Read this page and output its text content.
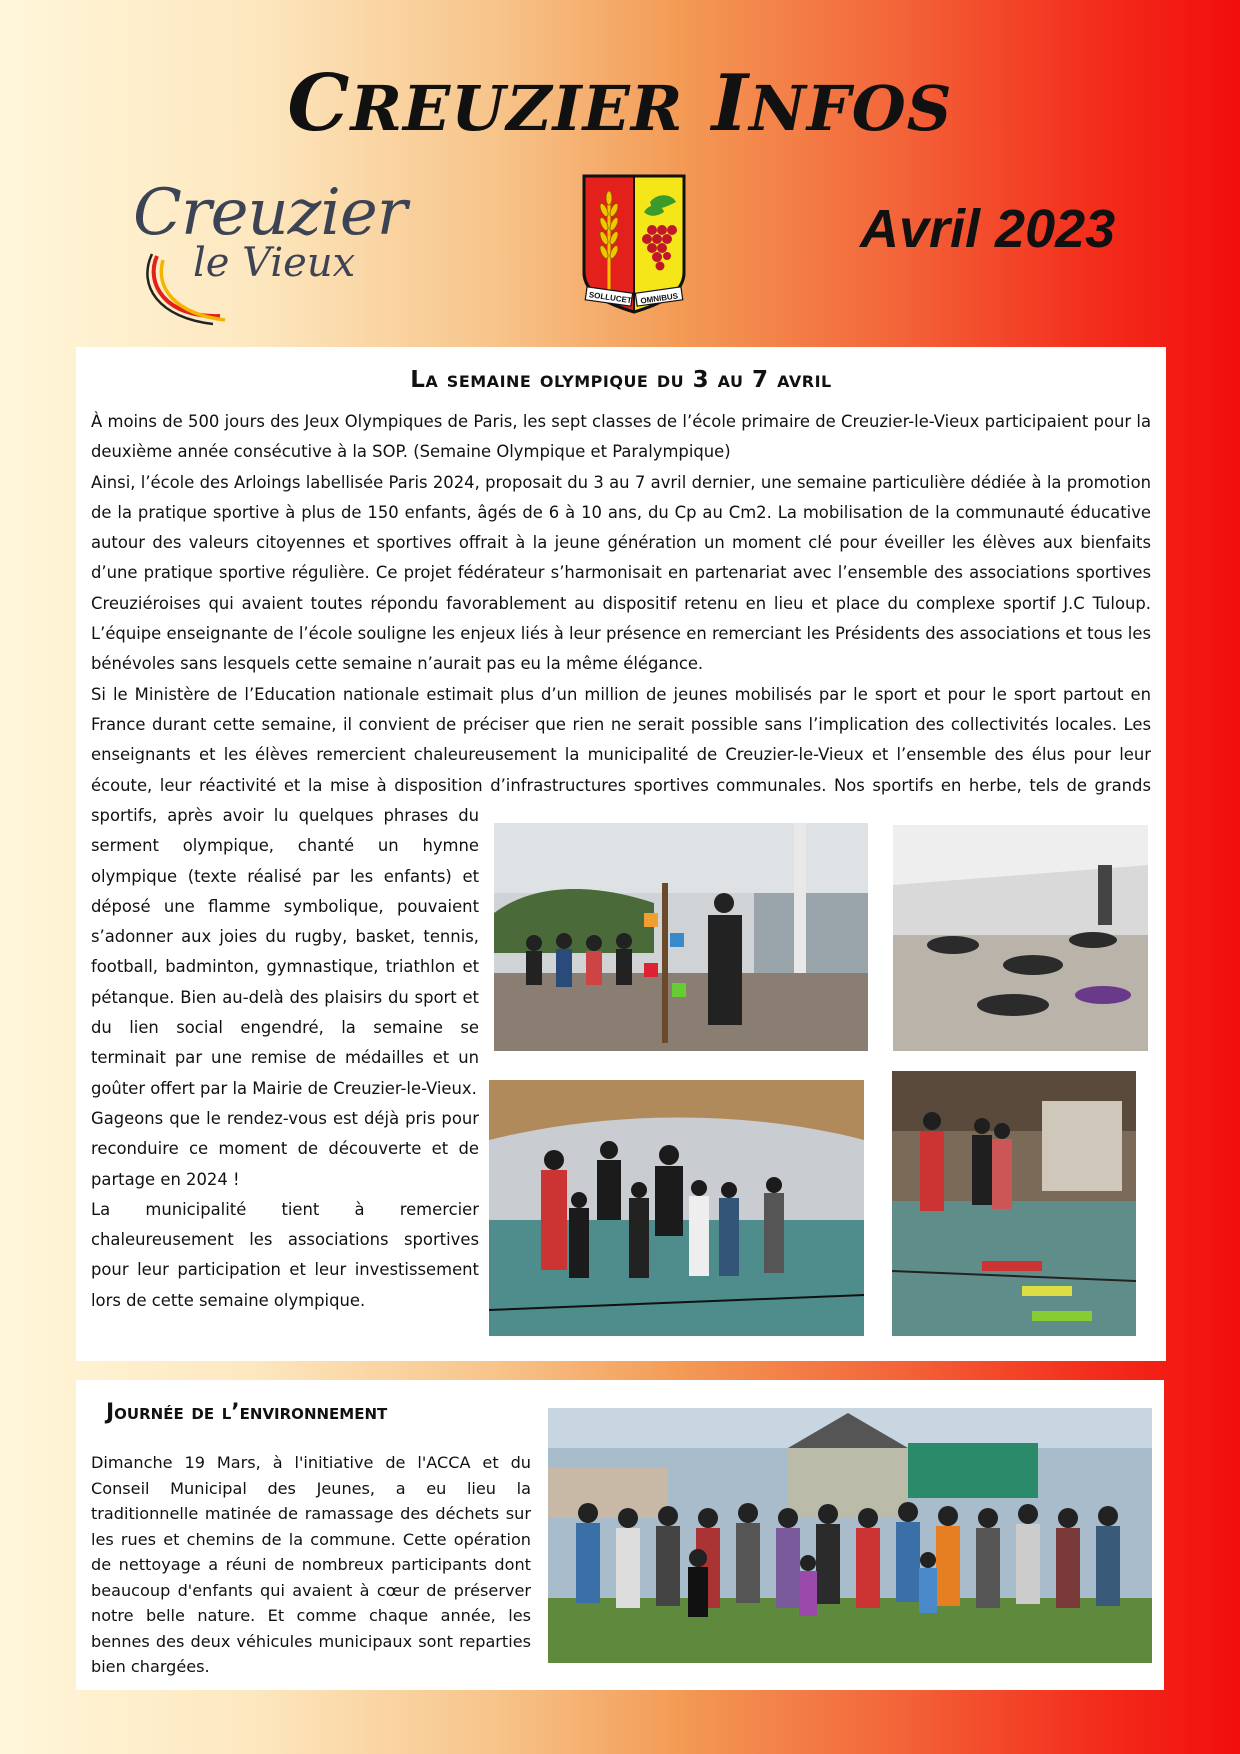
CREUZIER INFOS
Creuzier
le Vieux
SOLLUCET OMNIBUS
Avril 2023
La semaine olympique du 3 au 7 avril

À moins de 500 jours des Jeux Olympiques de Paris, les sept classes de l’école primaire de Creuzier-le-Vieux participaient pour la deuxième année consécutive à la SOP. (Semaine Olympique et Paralympique)

Ainsi, l’école des Arloings labellisée Paris 2024, proposait du 3 au 7 avril dernier, une semaine particulière dédiée à la promotion de la pratique sportive à plus de 150 enfants, âgés de 6 à 10 ans, du Cp au Cm2. La mobilisation de la communauté éducative autour des valeurs citoyennes et sportives offrait à la jeune génération un moment clé pour éveiller les élèves aux bienfaits d’une pratique sportive régulière. Ce projet fédérateur s’harmonisait en partenariat avec l’ensemble des associations sportives Creuziéroises qui avaient toutes répondu favorablement au dispositif retenu en lieu et place du complexe sportif J.C Tuloup. L’équipe enseignante de l’école souligne les enjeux liés à leur présence en remerciant les Présidents des associations et tous les bénévoles sans lesquels cette semaine n’aurait pas eu la même élégance.

Si le Ministère de l’Education nationale estimait plus d’un million de jeunes mobilisés par le sport et pour le sport partout en France durant cette semaine, il convient de préciser que rien ne serait possible sans l’implication des collectivités locales. Les enseignants et les élèves remercient chaleureusement la municipalité de Creuzier-le-Vieux et l’ensemble des élus pour leur écoute, leur réactivité et la mise à disposition d’infrastructures sportives communales. Nos sportifs en herbe, tels de grands

sportifs, après avoir lu quelques phrases du serment olympique, chanté un hymne olympique (texte réalisé par les enfants) et déposé une flamme symbolique, pouvaient s’adonner aux joies du rugby, basket, tennis, football, badminton, gymnastique, triathlon et pétanque. Bien au-delà des plaisirs du sport et du lien social engendré, la semaine se terminait par une remise de médailles et un goûter offert par la Mairie de Creuzier-le-Vieux.

Gageons que le rendez-vous est déjà pris pour reconduire ce moment de découverte et de partage en 2024 !

La municipalité tient à remercier chaleureusement les associations sportives pour leur participation et leur investissement lors de cette semaine olympique.

Journée de l’environnement
Dimanche 19 Mars, à l'initiative de l'ACCA et du Conseil Municipal des Jeunes, a eu lieu la traditionnelle matinée de ramassage des déchets sur les rues et chemins de la commune. Cette opération de nettoyage a réuni de nombreux participants dont beaucoup d'enfants qui avaient à cœur de préserver notre belle nature. Et comme chaque année, les bennes des deux véhicules municipaux sont reparties bien chargées.
